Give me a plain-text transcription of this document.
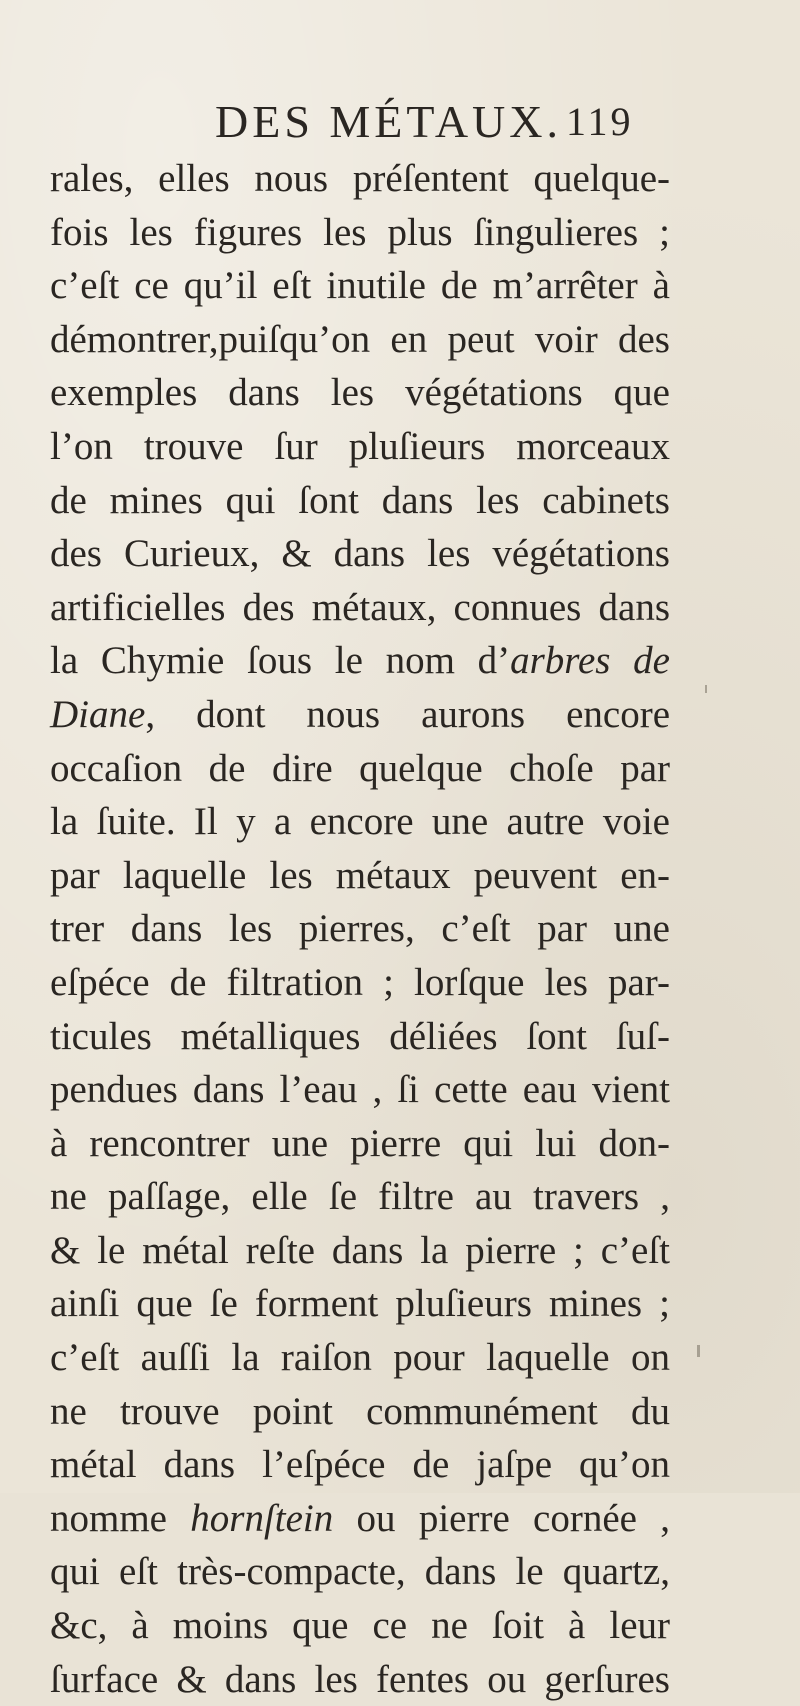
DES MÉTAUX. 119
rales, elles nous préſentent quelque-
fois les figures les plus ſingulieres ;
c’eſt ce qu’il eſt inutile de m’arrêter à
démontrer,puiſqu’on en peut voir des
exemples dans les végétations que
l’on trouve ſur pluſieurs morceaux
de mines qui ſont dans les cabinets
des Curieux, & dans les végétations
artificielles des métaux, connues dans
la Chymie ſous le nom d’arbres de
Diane, dont nous aurons encore
occaſion de dire quelque choſe par
la ſuite. Il y a encore une autre voie
par laquelle les métaux peuvent en-
trer dans les pierres, c’eſt par une
eſpéce de filtration ; lorſque les par-
ticules métalliques déliées ſont ſuſ-
pendues dans l’eau , ſi cette eau vient
à rencontrer une pierre qui lui don-
ne paſſage, elle ſe filtre au travers ,
& le métal reſte dans la pierre ; c’eſt
ainſi que ſe forment pluſieurs mines ;
c’eſt auſſi la raiſon pour laquelle on
ne trouve point communément du
métal dans l’eſpéce de jaſpe qu’on
nomme hornſtein ou pierre cornée ,
qui eſt très-compacte, dans le quartz,
&c, à moins que ce ne ſoit à leur
ſurface & dans les fentes ou gerſures
